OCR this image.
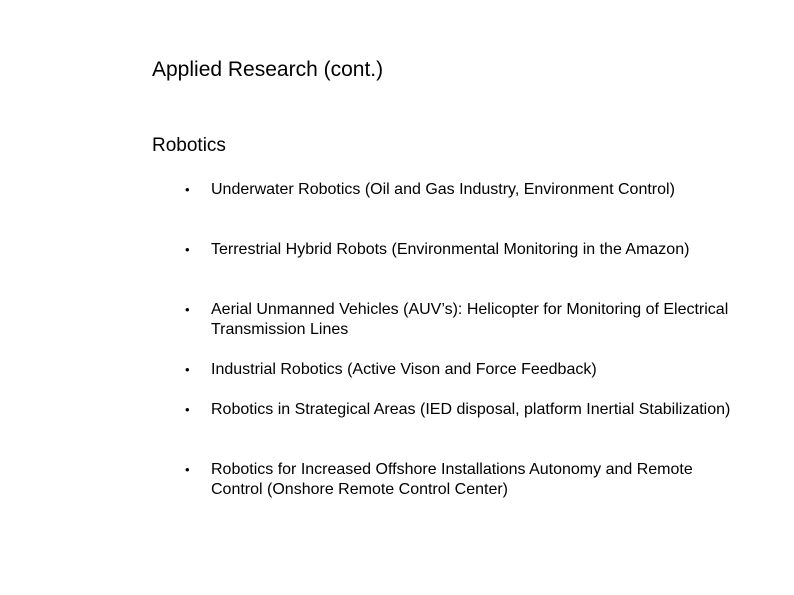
Applied Research (cont.)
Robotics
• Underwater Robotics (Oil and Gas Industry, Environment Control)
• Terrestrial Hybrid Robots (Environmental Monitoring in the Amazon)
• Aerial Unmanned Vehicles (AUV’s): Helicopter for Monitoring of Electrical Transmission Lines
• Industrial Robotics (Active Vison and Force Feedback)
• Robotics in Strategical Areas (IED disposal, platform Inertial Stabilization)
• Robotics for Increased Offshore Installations Autonomy and Remote Control (Onshore Remote Control Center)
